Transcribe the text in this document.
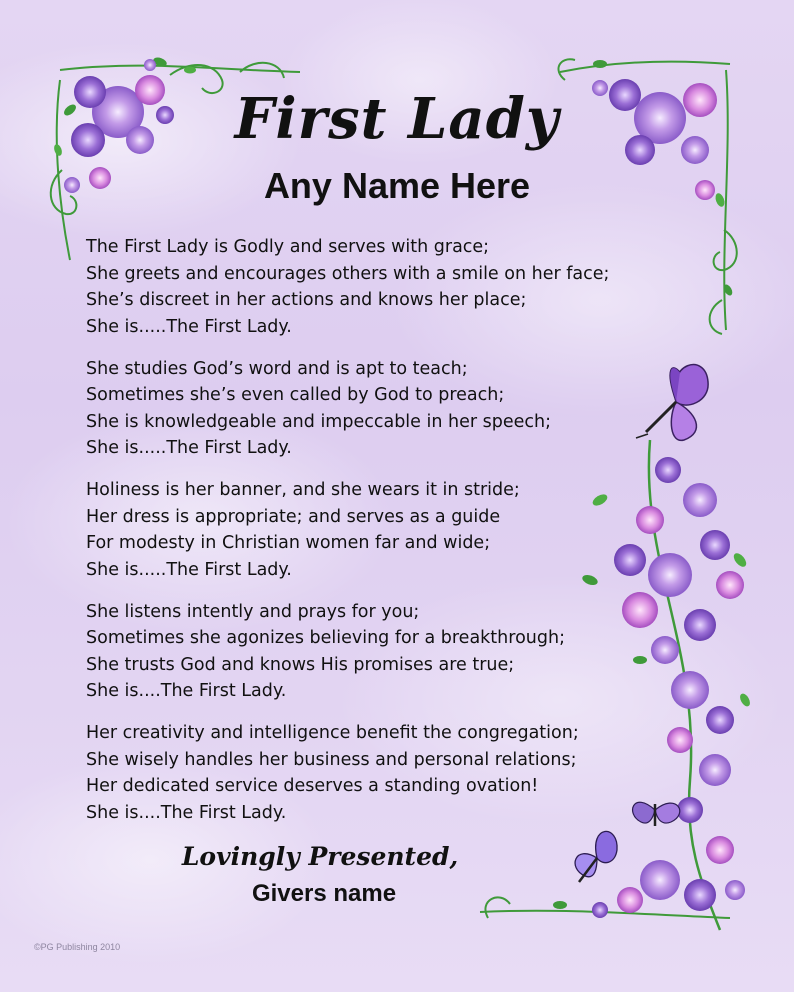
First Lady
Any Name Here
The First Lady is Godly and serves with grace;
She greets and encourages others with a smile on her face;
She’s discreet in her actions and knows her place;
She is.....The First Lady.
She studies God’s word and is apt to teach;
Sometimes she’s even called by God to preach;
She is knowledgeable and impeccable in her speech;
She is.....The First Lady.
Holiness is her banner, and she wears it in stride;
Her dress is appropriate; and serves as a guide
For modesty in Christian women far and wide;
She is.....The First Lady.
She listens intently and prays for you;
Sometimes she agonizes believing for a breakthrough;
She trusts God and knows His promises are true;
She is....The First Lady.
Her creativity and intelligence benefit the congregation;
She wisely handles her business and personal relations;
Her dedicated service deserves a standing ovation!
She is....The First Lady.
Lovingly Presented,
Givers name
©PG Publishing 2010
